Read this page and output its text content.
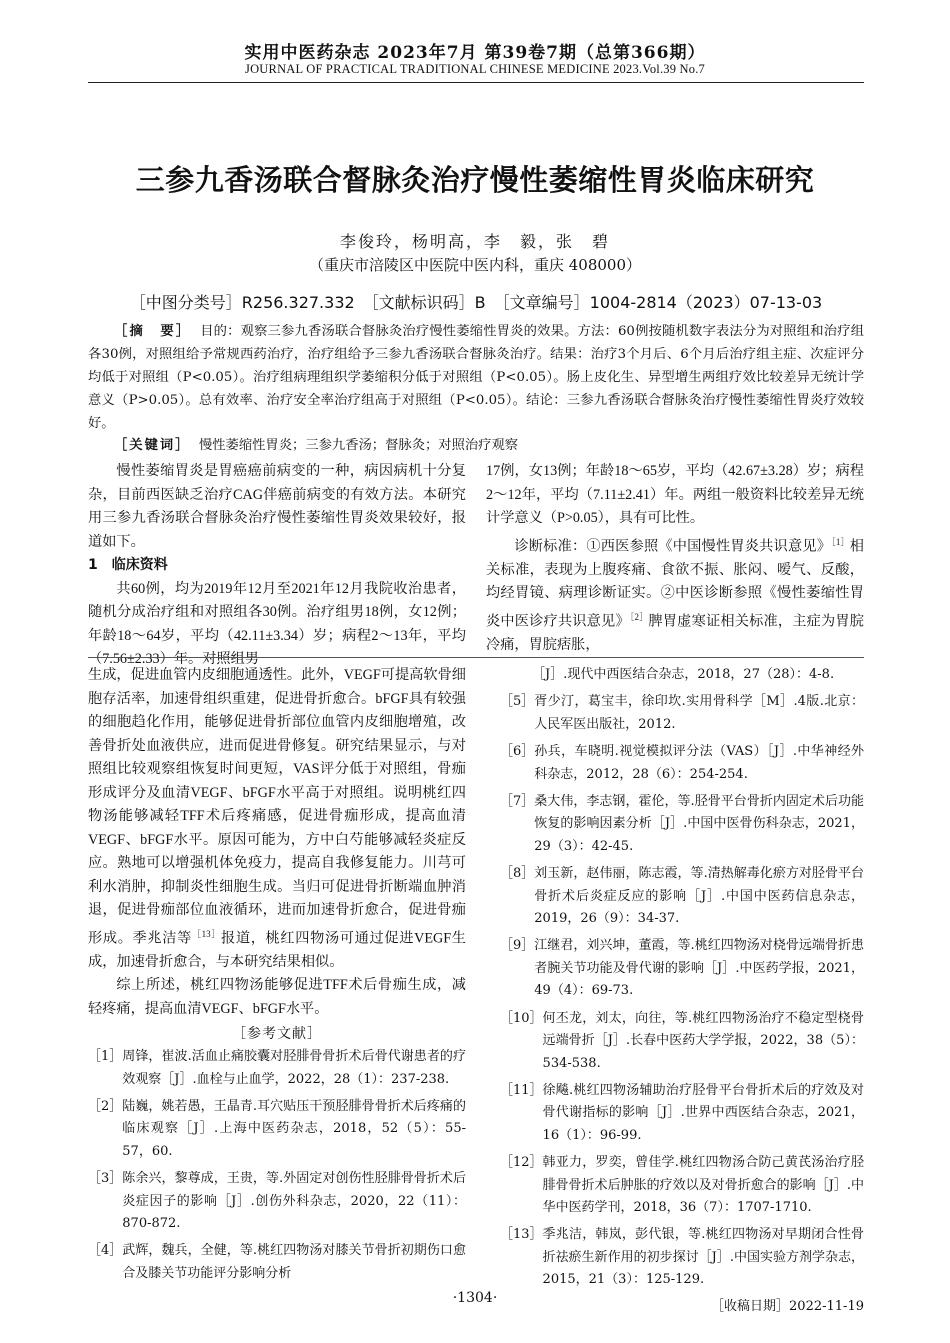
实用中医药杂志 2023年7月 第39卷7期（总第366期）
JOURNAL OF PRACTICAL TRADITIONAL CHINESE MEDICINE 2023.Vol.39 No.7
三参九香汤联合督脉灸治疗慢性萎缩性胃炎临床研究
李俊玲，杨明高，李　毅，张　碧
（重庆市涪陵区中医院中医内科，重庆 408000）
［中图分类号］R256.327.332　［文献标识码］B　［文章编号］1004-2814（2023）07-13-03
［摘　要］ 目的：观察三参九香汤联合督脉灸治疗慢性萎缩性胃炎的效果。方法：60例按随机数字表法分为对照组和治疗组各30例，对照组给予常规西药治疗，治疗组给予三参九香汤联合督脉灸治疗。结果：治疗3个月后、6个月后治疗组主症、次症评分均低于对照组（P<0.05）。治疗组病理组织学萎缩积分低于对照组（P<0.05）。肠上皮化生、异型增生两组疗效比较差异无统计学意义（P>0.05）。总有效率、治疗安全率治疗组高于对照组（P<0.05）。结论：三参九香汤联合督脉灸治疗慢性萎缩性胃炎疗效较好。
［关键词］ 慢性萎缩性胃炎；三参九香汤；督脉灸；对照治疗观察

慢性萎缩胃炎是胃癌癌前病变的一种，病因病机十分复杂，目前西医缺乏治疗CAG伴癌前病变的有效方法。本研究用三参九香汤联合督脉灸治疗慢性萎缩性胃炎效果较好，报道如下。

1　临床资料

共60例，均为2019年12月至2021年12月我院收治患者，随机分成治疗组和对照组各30例。治疗组男18例，女12例；年龄18～64岁，平均（42.11±3.34）岁；病程2～13年，平均（7.56±2.33）年。对照组男

17例，女13例；年龄18～65岁，平均（42.67±3.28）岁；病程2～12年，平均（7.11±2.41）年。两组一般资料比较差异无统计学意义（P>0.05），具有可比性。

诊断标准：①西医参照《中国慢性胃炎共识意见》$^{[1]}$相关标准，表现为上腹疼痛、食欲不振、胀闷、嗳气、反酸，均经胃镜、病理诊断证实。②中医诊断参照《慢性萎缩性胃炎中医诊疗共识意见》$^{[2]}$脾胃虚寒证相关标准，主症为胃脘冷痛，胃脘痞胀，

生成，促进血管内皮细胞通透性。此外，VEGF可提高软骨细胞存活率，加速骨组织重建，促进骨折愈合。bFGF具有较强的细胞趋化作用，能够促进骨折部位血管内皮细胞增殖，改善骨折处血液供应，进而促进骨修复。研究结果显示，与对照组比较观察组恢复时间更短，VAS评分低于对照组，骨痂形成评分及血清VEGF、bFGF水平高于对照组。说明桃红四物汤能够减轻TFF术后疼痛感，促进骨痂形成，提高血清VEGF、bFGF水平。原因可能为，方中白芍能够减轻炎症反应。熟地可以增强机体免疫力，提高自我修复能力。川芎可利水消肿，抑制炎性细胞生成。当归可促进骨折断端血肿消退，促进骨痂部位血液循环，进而加速骨折愈合，促进骨痂形成。季兆洁等$^{[13]}$报道，桃红四物汤可通过促进VEGF生成，加速骨折愈合，与本研究结果相似。

综上所述，桃红四物汤能够促进TFF术后骨痂生成，减轻疼痛，提高血清VEGF、bFGF水平。

［参考文献］
［1］ 周锋，崔波.活血止痛胶囊对胫腓骨骨折术后骨代谢患者的疗效观察［J］.血栓与止血学，2022，28（1）：237-238.
［2］ 陆巍，姚若愚，王晶青.耳穴贴压干预胫腓骨骨折术后疼痛的临床观察［J］.上海中医药杂志，2018，52（5）：55-57，60.
［3］ 陈余兴，黎尊成，王贵，等.外固定对创伤性胫腓骨骨折术后炎症因子的影响［J］.创伤外科杂志，2020，22（11）：870-872.
［4］ 武辉，魏兵，全健，等.桃红四物汤对膝关节骨折初期伤口愈合及膝关节功能评分影响分析
［J］.现代中西医结合杂志，2018，27（28）：4-8.
［5］ 胥少汀，葛宝丰，徐印坎.实用骨科学［M］.4版.北京：人民军医出版社，2012.
［6］ 孙兵，车晓明.视觉模拟评分法（VAS）［J］.中华神经外科杂志，2012，28（6）：254-254.
［7］ 桑大伟，李志钢，霍伦，等.胫骨平台骨折内固定术后功能恢复的影响因素分析［J］.中国中医骨伤科杂志，2021，29（3）：42-45.
［8］ 刘玉新，赵伟丽，陈志霞，等.清热解毒化瘀方对胫骨平台骨折术后炎症反应的影响［J］.中国中医药信息杂志，2019，26（9）：34-37.
［9］ 江继君，刘兴坤，董霞，等.桃红四物汤对桡骨远端骨折患者腕关节功能及骨代谢的影响［J］.中医药学报，2021，49（4）：69-73.
［10］ 何丕龙，刘太，向往，等.桃红四物汤治疗不稳定型桡骨远端骨折［J］.长春中医药大学学报，2022，38（5）：534-538.
［11］ 徐飚.桃红四物汤辅助治疗胫骨平台骨折术后的疗效及对骨代谢指标的影响［J］.世界中西医结合杂志，2021，16（1）：96-99.
［12］ 韩亚力，罗奕，曾佳学.桃红四物汤合防己黄芪汤治疗胫腓骨骨折术后肿胀的疗效以及对骨折愈合的影响［J］.中华中医药学刊，2018，36（7）：1707-1710.
［13］ 季兆洁，韩岚，彭代银，等.桃红四物汤对早期闭合性骨折祛瘀生新作用的初步探讨［J］.中国实验方剂学杂志，2015，21（3）：125-129.
［收稿日期］2022-11-19
·1304·
